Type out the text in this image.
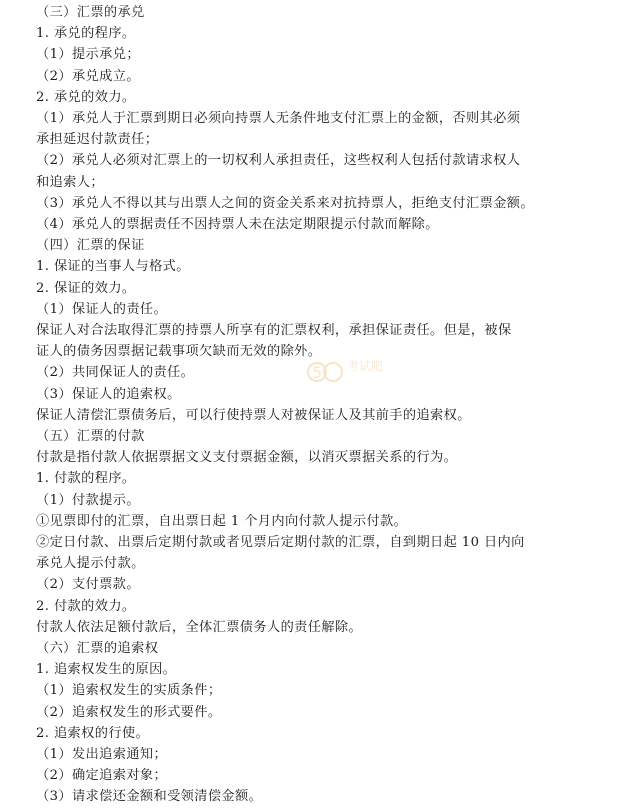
（三）汇票的承兑
1. 承兑的程序。
（1）提示承兑；
（2）承兑成立。
2. 承兑的效力。
（1）承兑人于汇票到期日必须向持票人无条件地支付汇票上的金额，否则其必须
承担延迟付款责任；
（2）承兑人必须对汇票上的一切权利人承担责任，这些权利人包括付款请求权人
和追索人；
（3）承兑人不得以其与出票人之间的资金关系来对抗持票人，拒绝支付汇票金额。
（4）承兑人的票据责任不因持票人未在法定期限提示付款而解除。
（四）汇票的保证
1. 保证的当事人与格式。
2. 保证的效力。
（1）保证人的责任。
保证人对合法取得汇票的持票人所享有的汇票权利，承担保证责任。但是，被保
证人的债务因票据记载事项欠缺而无效的除外。
（2）共同保证人的责任。
（3）保证人的追索权。
保证人清偿汇票债务后，可以行使持票人对被保证人及其前手的追索权。
（五）汇票的付款
付款是指付款人依据票据文义支付票据金额，以消灭票据关系的行为。
1. 付款的程序。
（1）付款提示。
①见票即付的汇票，自出票日起 1 个月内向付款人提示付款。
②定日付款、出票后定期付款或者见票后定期付款的汇票，自到期日起 10 日内向
承兑人提示付款。
（2）支付票款。
2. 付款的效力。
付款人依法足额付款后，全体汇票债务人的责任解除。
（六）汇票的追索权
1. 追索权发生的原因。
（1）追索权发生的实质条件；
（2）追索权发生的形式要件。
2. 追索权的行使。
（1）发出追索通知；
（2）确定追索对象；
（3）请求偿还金额和受领清偿金额。
5 考试吧
